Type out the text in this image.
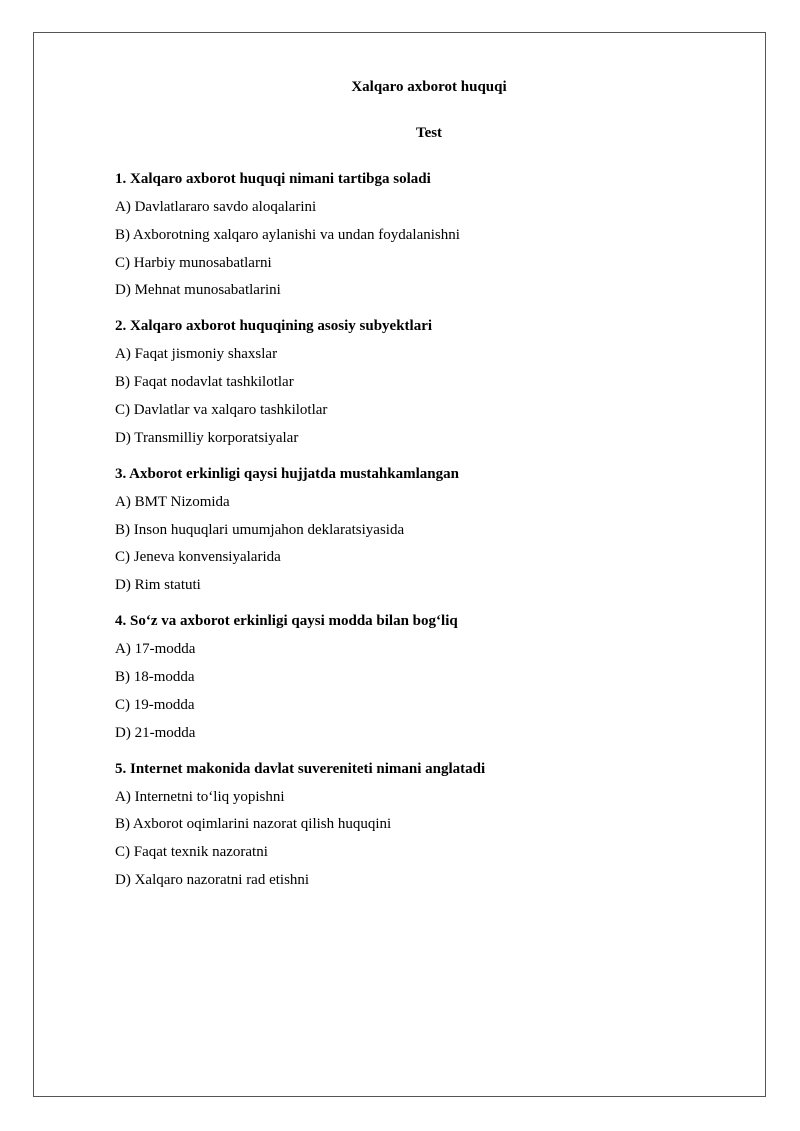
Xalqaro axborot huquqi
Test
1. Xalqaro axborot huquqi nimani tartibga soladi
A) Davlatlararo savdo aloqalarini
B) Axborotning xalqaro aylanishi va undan foydalanishni
C) Harbiy munosabatlarni
D) Mehnat munosabatlarini
2. Xalqaro axborot huquqining asosiy subyektlari
A) Faqat jismoniy shaxslar
B) Faqat nodavlat tashkilotlar
C) Davlatlar va xalqaro tashkilotlar
D) Transmilliy korporatsiyalar
3. Axborot erkinligi qaysi hujjatda mustahkamlangan
A) BMT Nizomida
B) Inson huquqlari umumjahon deklaratsiyasida
C) Jeneva konvensiyalarida
D) Rim statuti
4. So‘z va axborot erkinligi qaysi modda bilan bog‘liq
A) 17-modda
B) 18-modda
C) 19-modda
D) 21-modda
5. Internet makonida davlat suvereniteti nimani anglatadi
A) Internetni to‘liq yopishni
B) Axborot oqimlarini nazorat qilish huquqini
C) Faqat texnik nazoratni
D) Xalqaro nazoratni rad etishni
